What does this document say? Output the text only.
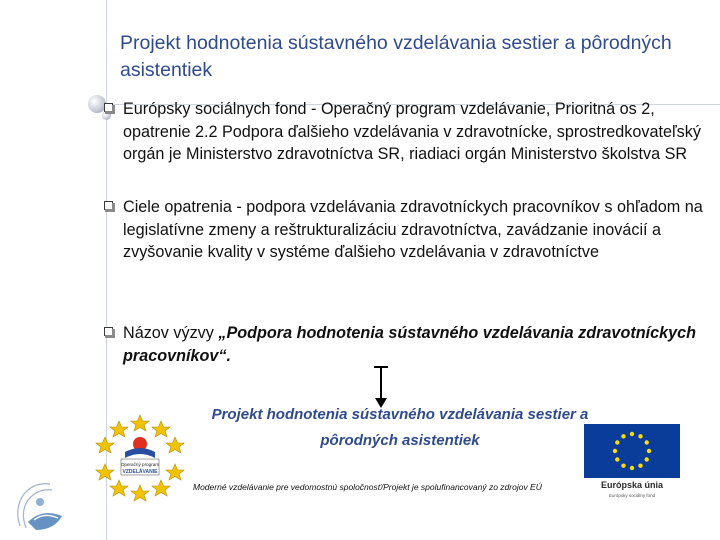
Projekt hodnotenia sústavného vzdelávania sestier a pôrodných asistentiek
Európsky sociálnych fond - Operačný program vzdelávanie, Prioritná os 2, opatrenie 2.2 Podpora ďalšieho vzdelávania v zdravotnícke, sprostredkovateľský orgán je Ministerstvo zdravotníctva SR, riadiaci orgán Ministerstvo školstva SR
Ciele opatrenia - podpora vzdelávania zdravotníckych pracovníkov s ohľadom na legislatívne zmeny a reštrukturalizáciu zdravotníctva, zavádzanie inovácií a zvyšovanie kvality v systéme ďalšieho vzdelávania v zdravotníctve
Názov výzvy „Podpora hodnotenia sústavného vzdelávania zdravotníckych pracovníkov“.
Projekt hodnotenia sústavného vzdelávania sestier a pôrodných asistentiek
Moderné vzdelávanie pre vedomostnú spoločnosť/Projekt je spolufinancovaný zo zdrojov EÚ
Operačný program
VZDELÁVANIE
Európska únia
Európsky sociálny fond
